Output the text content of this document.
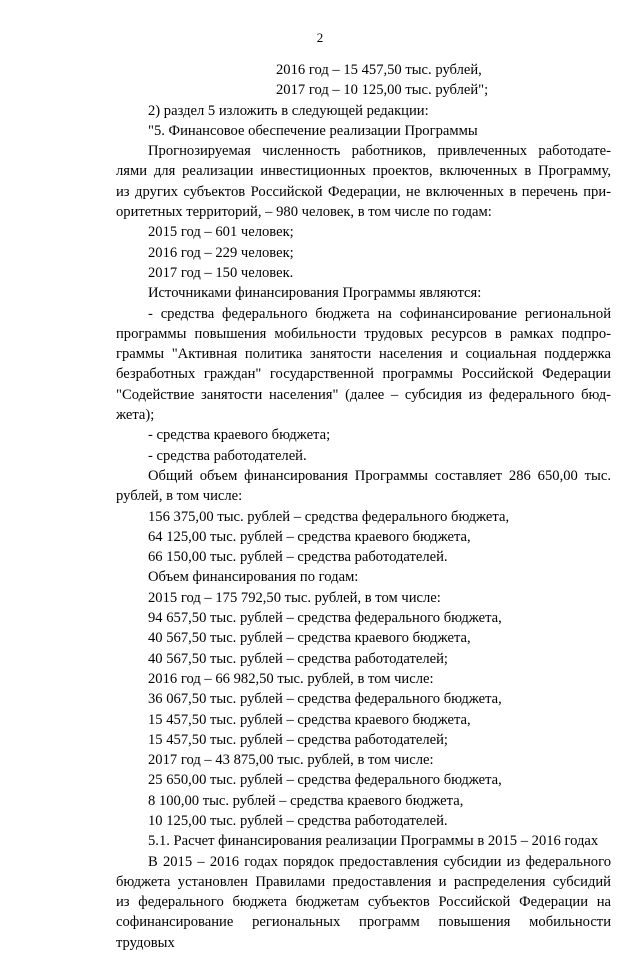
2
2016 год – 15 457,50 тыс. рублей,
2017 год – 10 125,00 тыс. рублей";
2) раздел 5 изложить в следующей редакции:
"5. Финансовое обеспечение реализации Программы
Прогнозируемая численность работников, привлеченных работодате-
лями для реализации инвестиционных проектов, включенных в Программу,
из других субъектов Российской Федерации, не включенных в перечень при-
оритетных территорий, – 980 человек, в том числе по годам:
2015 год – 601 человек;
2016 год – 229 человек;
2017 год – 150 человек.
Источниками финансирования Программы являются:
- средства федерального бюджета на софинансирование региональной
программы повышения мобильности трудовых ресурсов в рамках подпро-
граммы "Активная политика занятости населения и социальная поддержка
безработных граждан" государственной программы Российской Федерации
"Содействие занятости населения" (далее – субсидия из федерального бюд-
жета);
- средства краевого бюджета;
- средства работодателей.
Общий объем финансирования Программы составляет 286 650,00 тыс.
рублей, в том числе:
156 375,00 тыс. рублей – средства федерального бюджета,
64 125,00 тыс. рублей – средства краевого бюджета,
66 150,00 тыс. рублей – средства работодателей.
Объем финансирования по годам:
2015 год – 175 792,50 тыс. рублей, в том числе:
94 657,50 тыс. рублей – средства федерального бюджета,
40 567,50 тыс. рублей – средства краевого бюджета,
40 567,50 тыс. рублей – средства работодателей;
2016 год – 66 982,50 тыс. рублей, в том числе:
36 067,50 тыс. рублей – средства федерального бюджета,
15 457,50 тыс. рублей – средства краевого бюджета,
15 457,50 тыс. рублей – средства работодателей;
2017 год – 43 875,00 тыс. рублей, в том числе:
25 650,00 тыс. рублей – средства федерального бюджета,
8 100,00 тыс. рублей – средства краевого бюджета,
10 125,00 тыс. рублей – средства работодателей.
5.1. Расчет финансирования реализации Программы в 2015 – 2016 годах
В 2015 – 2016 годах порядок предоставления субсидии из федерального
бюджета установлен Правилами предоставления и распределения субсидий
из федерального бюджета бюджетам субъектов Российской Федерации на
софинансирование региональных программ повышения мобильности трудовых
